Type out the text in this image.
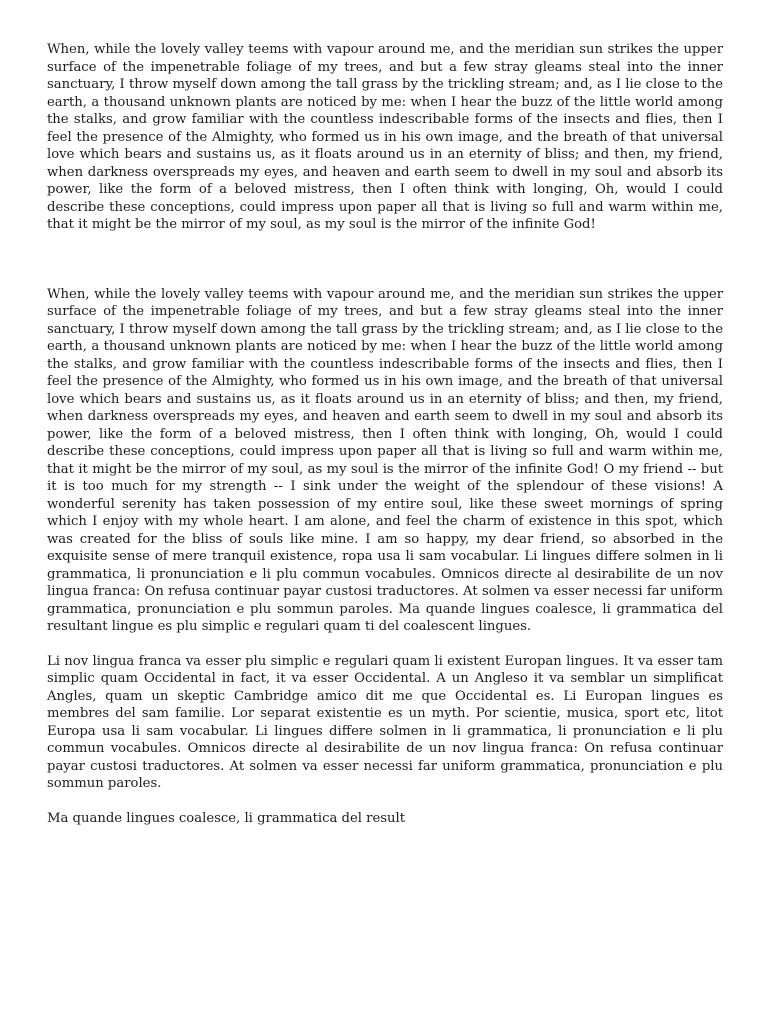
When, while the lovely valley teems with vapour around me, and the meridian sun strikes the upper surface of the impenetrable foliage of my trees, and but a few stray gleams steal into the inner sanctuary, I throw myself down among the tall grass by the trickling stream; and, as I lie close to the earth, a thousand unknown plants are noticed by me: when I hear the buzz of the little world among the stalks, and grow familiar with the countless indescribable forms of the insects and flies, then I feel the presence of the Almighty, who formed us in his own image, and the breath of that universal love which bears and sustains us, as it floats around us in an eternity of bliss; and then, my friend, when darkness overspreads my eyes, and heaven and earth seem to dwell in my soul and absorb its power, like the form of a beloved mistress, then I often think with longing, Oh, would I could describe these conceptions, could impress upon paper all that is living so full and warm within me, that it might be the mirror of my soul, as my soul is the mirror of the infinite God!

When, while the lovely valley teems with vapour around me, and the meridian sun strikes the upper surface of the impenetrable foliage of my trees, and but a few stray gleams steal into the inner sanctuary, I throw myself down among the tall grass by the trickling stream; and, as I lie close to the earth, a thousand unknown plants are noticed by me: when I hear the buzz of the little world among the stalks, and grow familiar with the countless indescribable forms of the insects and flies, then I feel the presence of the Almighty, who formed us in his own image, and the breath of that universal love which bears and sustains us, as it floats around us in an eternity of bliss; and then, my friend, when darkness overspreads my eyes, and heaven and earth seem to dwell in my soul and absorb its power, like the form of a beloved mistress, then I often think with longing, Oh, would I could describe these conceptions, could impress upon paper all that is living so full and warm within me, that it might be the mirror of my soul, as my soul is the mirror of the infinite God! O my friend -- but it is too much for my strength -- I sink under the weight of the splendour of these visions! A wonderful serenity has taken possession of my entire soul, like these sweet mornings of spring which I enjoy with my whole heart. I am alone, and feel the charm of existence in this spot, which was created for the bliss of souls like mine. I am so happy, my dear friend, so absorbed in the exquisite sense of mere tranquil existence, ropa usa li sam vocabular. Li lingues differe solmen in li grammatica, li pronunciation e li plu commun vocabules. Omnicos directe al desirabilite de un nov lingua franca: On refusa continuar payar custosi traductores. At solmen va esser necessi far uniform grammatica, pronunciation e plu sommun paroles. Ma quande lingues coalesce, li grammatica del resultant lingue es plu simplic e regulari quam ti del coalescent lingues.

Li nov lingua franca va esser plu simplic e regulari quam li existent Europan lingues. It va esser tam simplic quam Occidental in fact, it va esser Occidental. A un Angleso it va semblar un simplificat Angles, quam un skeptic Cambridge amico dit me que Occidental es. Li Europan lingues es membres del sam familie. Lor separat existentie es un myth. Por scientie, musica, sport etc, litot Europa usa li sam vocabular. Li lingues differe solmen in li grammatica, li pronunciation e li plu commun vocabules. Omnicos directe al desirabilite de un nov lingua franca: On refusa continuar payar custosi traductores. At solmen va esser necessi far uniform grammatica, pronunciation e plu sommun paroles.

Ma quande lingues coalesce, li grammatica del result
